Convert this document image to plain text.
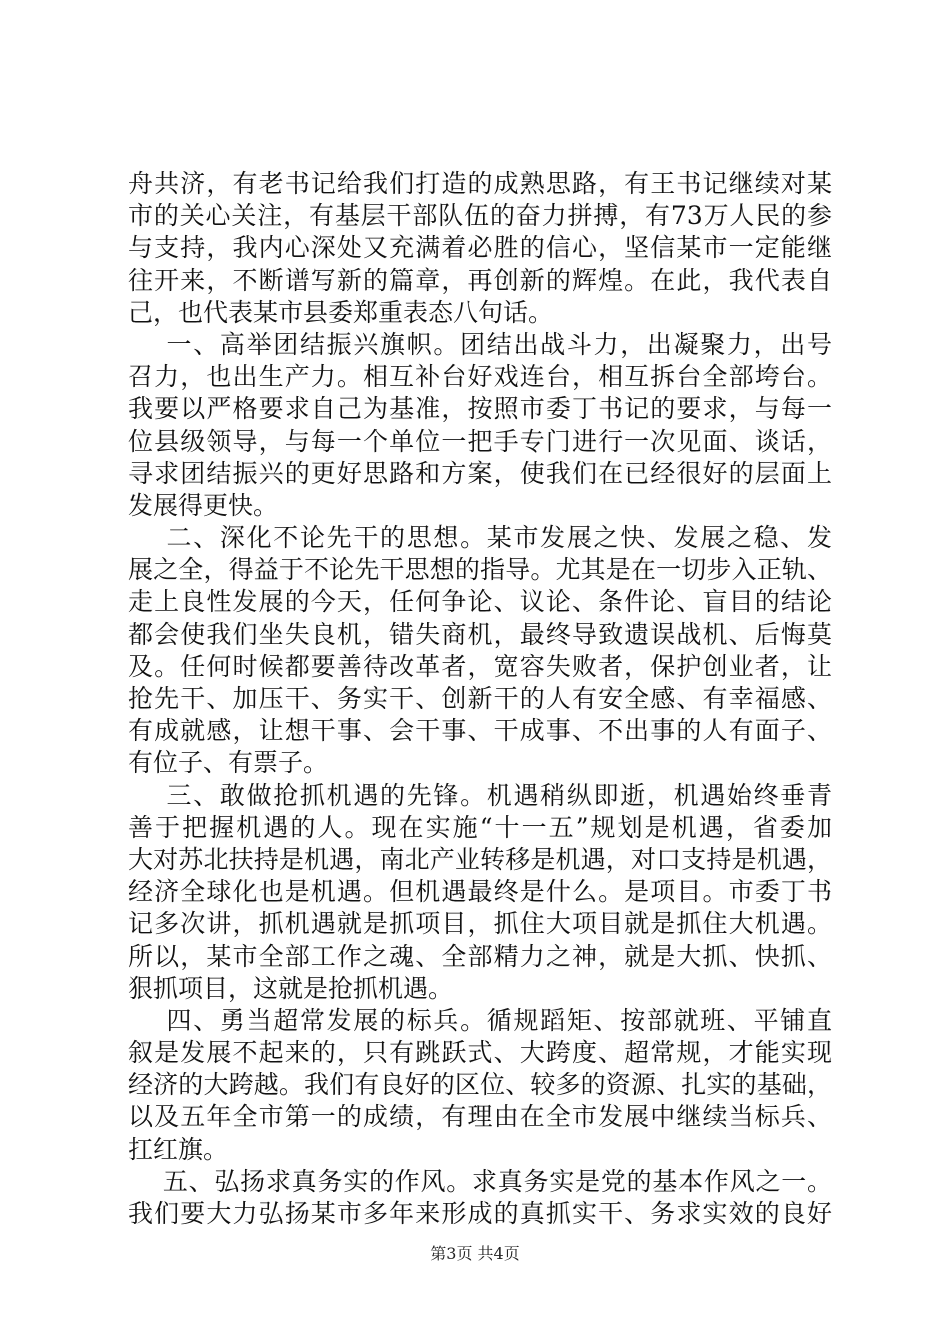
舟共济，有老书记给我们打造的成熟思路，有王书记继续对某
市的关心关注，有基层干部队伍的奋力拼搏，有73万人民的参
与支持，我内心深处又充满着必胜的信心，坚信某市一定能继
往开来，不断谱写新的篇章，再创新的辉煌。在此，我代表自
己，也代表某市县委郑重表态八句话。
一、高举团结振兴旗帜。团结出战斗力，出凝聚力，出号
召力，也出生产力。相互补台好戏连台，相互拆台全部垮台。
我要以严格要求自己为基准，按照市委丁书记的要求，与每一
位县级领导，与每一个单位一把手专门进行一次见面、谈话，
寻求团结振兴的更好思路和方案，使我们在已经很好的层面上
发展得更快。
二、深化不论先干的思想。某市发展之快、发展之稳、发
展之全，得益于不论先干思想的指导。尤其是在一切步入正轨、
走上良性发展的今天，任何争论、议论、条件论、盲目的结论
都会使我们坐失良机，错失商机，最终导致遗误战机、后悔莫
及。任何时候都要善待改革者，宽容失败者，保护创业者，让
抢先干、加压干、务实干、创新干的人有安全感、有幸福感、
有成就感，让想干事、会干事、干成事、不出事的人有面子、
有位子、有票子。
三、敢做抢抓机遇的先锋。机遇稍纵即逝，机遇始终垂青
善于把握机遇的人。现在实施“十一五”规划是机遇，省委加
大对苏北扶持是机遇，南北产业转移是机遇，对口支持是机遇，
经济全球化也是机遇。但机遇最终是什么。是项目。市委丁书
记多次讲，抓机遇就是抓项目，抓住大项目就是抓住大机遇。
所以，某市全部工作之魂、全部精力之神，就是大抓、快抓、
狠抓项目，这就是抢抓机遇。
四、勇当超常发展的标兵。循规蹈矩、按部就班、平铺直
叙是发展不起来的，只有跳跃式、大跨度、超常规，才能实现
经济的大跨越。我们有良好的区位、较多的资源、扎实的基础，
以及五年全市第一的成绩，有理由在全市发展中继续当标兵、
扛红旗。
五、弘扬求真务实的作风。求真务实是党的基本作风之一。
我们要大力弘扬某市多年来形成的真抓实干、务求实效的良好
第3页 共4页
